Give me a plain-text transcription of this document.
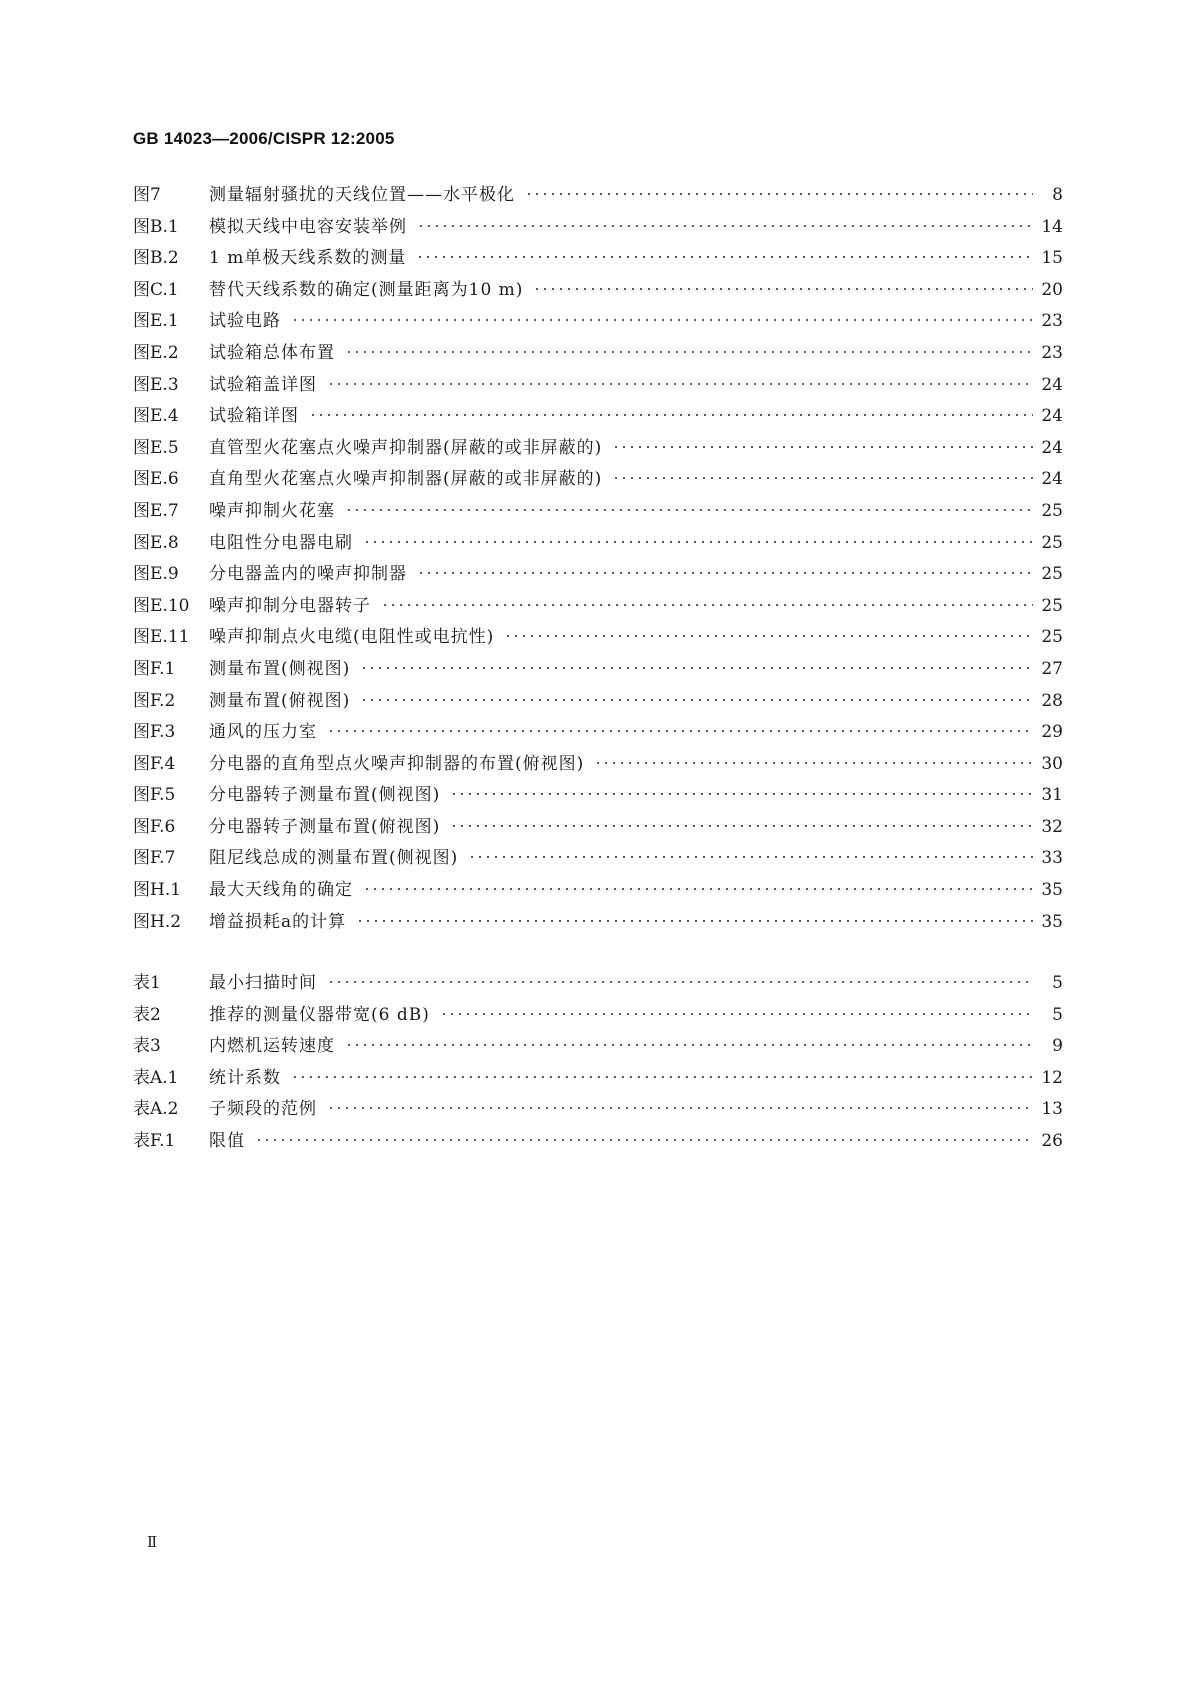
GB 14023—2006/CISPR 12:2005
图7	测量辐射骚扰的天线位置——水平极化	8
图B.1	模拟天线中电容安装举例	14
图B.2	1 m单极天线系数的测量	15
图C.1	替代天线系数的确定(测量距离为10 m)	20
图E.1	试验电路	23
图E.2	试验箱总体布置	23
图E.3	试验箱盖详图	24
图E.4	试验箱详图	24
图E.5	直管型火花塞点火噪声抑制器(屏蔽的或非屏蔽的)	24
图E.6	直角型火花塞点火噪声抑制器(屏蔽的或非屏蔽的)	24
图E.7	噪声抑制火花塞	25
图E.8	电阻性分电器电刷	25
图E.9	分电器盖内的噪声抑制器	25
图E.10	噪声抑制分电器转子	25
图E.11	噪声抑制点火电缆(电阻性或电抗性)	25
图F.1	测量布置(侧视图)	27
图F.2	测量布置(俯视图)	28
图F.3	通风的压力室	29
图F.4	分电器的直角型点火噪声抑制器的布置(俯视图)	30
图F.5	分电器转子测量布置(侧视图)	31
图F.6	分电器转子测量布置(俯视图)	32
图F.7	阻尼线总成的测量布置(侧视图)	33
图H.1	最大天线角的确定	35
图H.2	增益损耗a的计算	35
表1	最小扫描时间	5
表2	推荐的测量仪器带宽(6 dB)	5
表3	内燃机运转速度	9
表A.1	统计系数	12
表A.2	子频段的范例	13
表F.1	限值	26
Ⅱ
